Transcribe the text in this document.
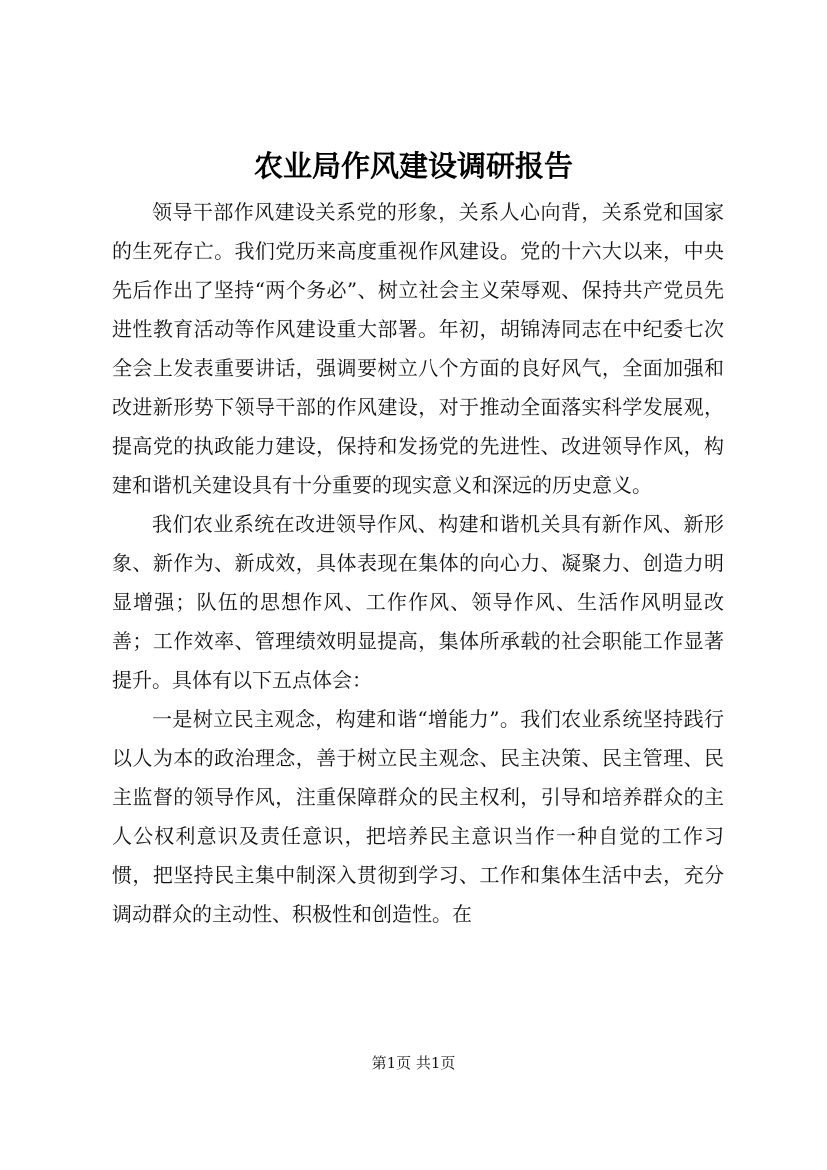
农业局作风建设调研报告

领导干部作风建设关系党的形象，关系人心向背，关系党和国家的生死存亡。我们党历来高度重视作风建设。党的十六大以来，中央先后作出了坚持“两个务必”、树立社会主义荣辱观、保持共产党员先进性教育活动等作风建设重大部署。年初，胡锦涛同志在中纪委七次全会上发表重要讲话，强调要树立八个方面的良好风气，全面加强和改进新形势下领导干部的作风建设，对于推动全面落实科学发展观，提高党的执政能力建设，保持和发扬党的先进性、改进领导作风，构建和谐机关建设具有十分重要的现实意义和深远的历史意义。

我们农业系统在改进领导作风、构建和谐机关具有新作风、新形象、新作为、新成效，具体表现在集体的向心力、凝聚力、创造力明显增强；队伍的思想作风、工作作风、领导作风、生活作风明显改善；工作效率、管理绩效明显提高，集体所承载的社会职能工作显著提升。具体有以下五点体会：

一是树立民主观念，构建和谐“增能力”。我们农业系统坚持践行以人为本的政治理念，善于树立民主观念、民主决策、民主管理、民主监督的领导作风，注重保障群众的民主权利，引导和培养群众的主人公权利意识及责任意识，把培养民主意识当作一种自觉的工作习惯，把坚持民主集中制深入贯彻到学习、工作和集体生活中去，充分调动群众的主动性、积极性和创造性。在

第1页 共1页
